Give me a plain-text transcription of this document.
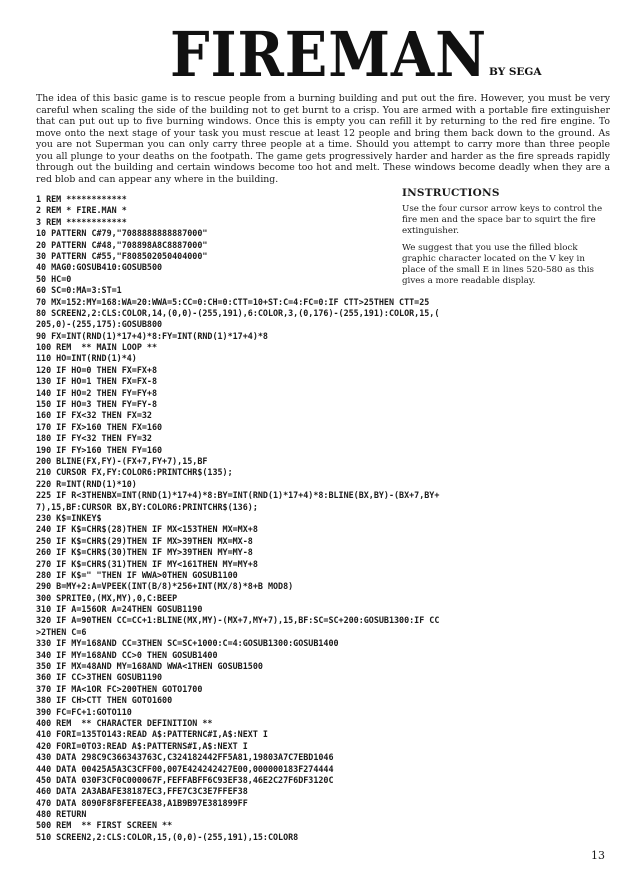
FIREMAN BY SEGA

The idea of this basic game is to rescue people from a burning building and put out the fire. However, you must be very careful when scaling the side of the building not to get burnt to a crisp. You are armed with a portable fire extinguisher that can put out up to five burning windows. Once this is empty you can refill it by returning to the red fire engine. To move onto the next stage of your task you must rescue at least 12 people and bring them back down to the ground. As you are not Superman you can only carry three people at a time. Should you attempt to carry more than three people you all plunge to your deaths on the footpath. The game gets progressively harder and harder as the fire spreads rapidly through out the building and certain windows become too hot and melt. These windows become deadly when they are a red blob and can appear any where in the building.

INSTRUCTIONS

Use the four cursor arrow keys to control the fire men and the space bar to squirt the fire extinguisher.

We suggest that you use the filled block graphic character located on the V key in place of the small E in lines 520-580 as this gives a more readable display.

1 REM ************
2 REM * FIRE.MAN *
3 REM ************
10 PATTERN C#79,"7088888888887000"
20 PATTERN C#48,"708898A8C8887000"
30 PATTERN C#55,"F808502050404000"
40 MAG0:GOSUB410:GOSUB500
50 HC=0
60 SC=0:MA=3:ST=1
70 MX=152:MY=168:WA=20:WWA=5:CC=0:CH=0:CTT=10+ST:C=4:FC=0:IF CTT>25THEN CTT=25
80 SCREEN2,2:CLS:COLOR,14,(0,0)-(255,191),6:COLOR,3,(0,176)-(255,191):COLOR,15,(
205,0)-(255,175):GOSUB800
90 FX=INT(RND(1)*17+4)*8:FY=INT(RND(1)*17+4)*8
100 REM  ** MAIN LOOP **
110 HO=INT(RND(1)*4)
120 IF HO=0 THEN FX=FX+8
130 IF HO=1 THEN FX=FX-8
140 IF HO=2 THEN FY=FY+8
150 IF HO=3 THEN FY=FY-8
160 IF FX<32 THEN FX=32
170 IF FX>160 THEN FX=160
180 IF FY<32 THEN FY=32
190 IF FY>160 THEN FY=160
200 BLINE(FX,FY)-(FX+7,FY+7),15,BF
210 CURSOR FX,FY:COLOR6:PRINTCHR$(135);
220 R=INT(RND(1)*10)
225 IF R<3THENBX=INT(RND(1)*17+4)*8:BY=INT(RND(1)*17+4)*8:BLINE(BX,BY)-(BX+7,BY+
7),15,BF:CURSOR BX,BY:COLOR6:PRINTCHR$(136);
230 K$=INKEY$
240 IF K$=CHR$(28)THEN IF MX<153THEN MX=MX+8
250 IF K$=CHR$(29)THEN IF MX>39THEN MX=MX-8
260 IF K$=CHR$(30)THEN IF MY>39THEN MY=MY-8
270 IF K$=CHR$(31)THEN IF MY<161THEN MY=MY+8
280 IF K$=" "THEN IF WWA>0THEN GOSUB1100
290 B=MY+2:A=VPEEK(INT(B/8)*256+INT(MX/8)*8+B MOD8)
300 SPRITE0,(MX,MY),0,C:BEEP
310 IF A=156OR A=24THEN GOSUB1190
320 IF A=90THEN CC=CC+1:BLINE(MX,MY)-(MX+7,MY+7),15,BF:SC=SC+200:GOSUB1300:IF CC
>2THEN C=6
330 IF MY=168AND CC=3THEN SC=SC+1000:C=4:GOSUB1300:GOSUB1400
340 IF MY=168AND CC>0 THEN GOSUB1400
350 IF MX=48AND MY=168AND WWA<1THEN GOSUB1500
360 IF CC>3THEN GOSUB1190
370 IF MA<1OR FC>200THEN GOTO1700
380 IF CH>CTT THEN GOTO1600
390 FC=FC+1:GOTO110
400 REM  ** CHARACTER DEFINITION **
410 FORI=135TO143:READ A$:PATTERNC#I,A$:NEXT I
420 FORI=0TO3:READ A$:PATTERNS#I,A$:NEXT I
430 DATA 298C9C366343763C,C324182442FF5A81,19803A7C7EBD1046
440 DATA 00425A5A3C3CFF00,007E424242427E00,000000183F274444
450 DATA 030F3CF0C000067F,FEFFABFF6C93EF38,46E2C27F6DF3120C
460 DATA 2A3ABAFE38187EC3,FFE7C3C3E7FFEF38
470 DATA 8090F8F8FEFEEA38,A1B9B97E381899FF
480 RETURN
500 REM  ** FIRST SCREEN **
510 SCREEN2,2:CLS:COLOR,15,(0,0)-(255,191),15:COLOR8
13
